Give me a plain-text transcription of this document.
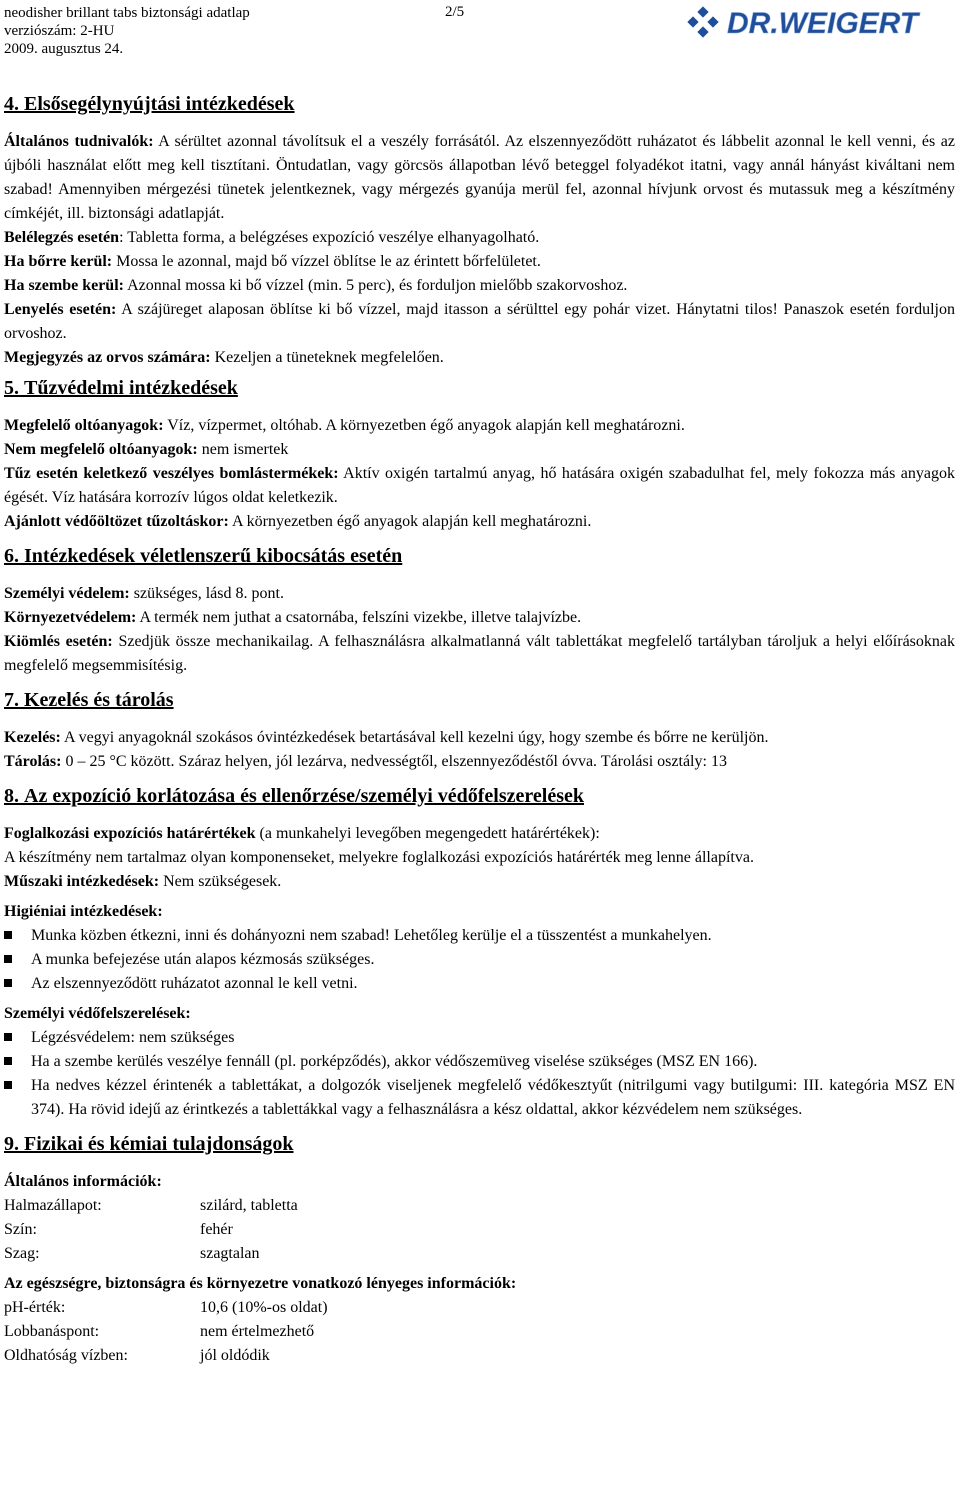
neodisher brillant tabs biztonsági adatlap
verziószám: 2-HU
2009. augusztus 24.
2/5	DR.WEIGERT
4. Elsősegélynyújtási intézkedések

Általános tudnivalók: A sérültet azonnal távolítsuk el a veszély forrásától. Az elszennyeződött ruházatot és lábbelit azonnal le kell venni, és az újbóli használat előtt meg kell tisztítani. Öntudatlan, vagy görcsös állapotban lévő beteggel folyadékot itatni, vagy annál hányást kiváltani nem szabad! Amennyiben mérgezési tünetek jelentkeznek, vagy mérgezés gyanúja merül fel, azonnal hívjunk orvost és mutassuk meg a készítmény címkéjét, ill. biztonsági adatlapját.

Belélegzés esetén: Tabletta forma, a belégzéses expozíció veszélye elhanyagolható.

Ha bőrre kerül: Mossa le azonnal, majd bő vízzel öblítse le az érintett bőrfelületet.

Ha szembe kerül: Azonnal mossa ki bő vízzel (min. 5 perc), és forduljon mielőbb szakorvoshoz.

Lenyelés esetén: A szájüreget alaposan öblítse ki bő vízzel, majd itasson a sérülttel egy pohár vizet. Hánytatni tilos! Panaszok esetén forduljon orvoshoz.

Megjegyzés az orvos számára: Kezeljen a tüneteknek megfelelően.

5. Tűzvédelmi intézkedések

Megfelelő oltóanyagok: Víz, vízpermet, oltóhab. A környezetben égő anyagok alapján kell meghatározni.

Nem megfelelő oltóanyagok: nem ismertek

Tűz esetén keletkező veszélyes bomlástermékek: Aktív oxigén tartalmú anyag, hő hatására oxigén szabadulhat fel, mely fokozza más anyagok égését. Víz hatására korrozív lúgos oldat keletkezik.

Ajánlott védőöltözet tűzoltáskor: A környezetben égő anyagok alapján kell meghatározni.

6. Intézkedések véletlenszerű kibocsátás esetén

Személyi védelem: szükséges, lásd 8. pont.

Környezetvédelem: A termék nem juthat a csatornába, felszíni vizekbe, illetve talajvízbe.

Kiömlés esetén: Szedjük össze mechanikailag. A felhasználásra alkalmatlanná vált tablettákat megfelelő tartályban tároljuk a helyi előírásoknak megfelelő megsemmisítésig.

7. Kezelés és tárolás

Kezelés: A vegyi anyagoknál szokásos óvintézkedések betartásával kell kezelni úgy, hogy szembe és bőrre ne kerüljön.

Tárolás: 0 – 25 °C között. Száraz helyen, jól lezárva, nedvességtől, elszennyeződéstől óvva. Tárolási osztály: 13

8. Az expozíció korlátozása és ellenőrzése/személyi védőfelszerelések

Foglalkozási expozíciós határértékek (a munkahelyi levegőben megengedett határértékek):

A készítmény nem tartalmaz olyan komponenseket, melyekre foglalkozási expozíciós határérték meg lenne állapítva.

Műszaki intézkedések: Nem szükségesek.

Higiéniai intézkedések:

Munka közben étkezni, inni és dohányozni nem szabad! Lehetőleg kerülje el a tüsszentést a munkahelyen.
A munka befejezése után alapos kézmosás szükséges.
Az elszennyeződött ruházatot azonnal le kell vetni.

Személyi védőfelszerelések:

Légzésvédelem: nem szükséges
Ha a szembe kerülés veszélye fennáll (pl. porképződés), akkor védőszemüveg viselése szükséges (MSZ EN 166).
Ha nedves kézzel érintenék a tablettákat, a dolgozók viseljenek megfelelő védőkesztyűt (nitrilgumi vagy butilgumi: III. kategória MSZ EN 374). Ha rövid idejű az érintkezés a tablettákkal vagy a felhasználásra a kész oldattal, akkor kézvédelem nem szükséges.
9. Fizikai és kémiai tulajdonságok

Általános információk:

Halmazállapot:	szilárd, tabletta
Szín:	fehér
Szag:	szagtalan

Az egészségre, biztonságra és környezetre vonatkozó lényeges információk:

pH-érték:	10,6 (10%-os oldat)
Lobbanáspont:	nem értelmezhető
Oldhatóság vízben:	jól oldódik
